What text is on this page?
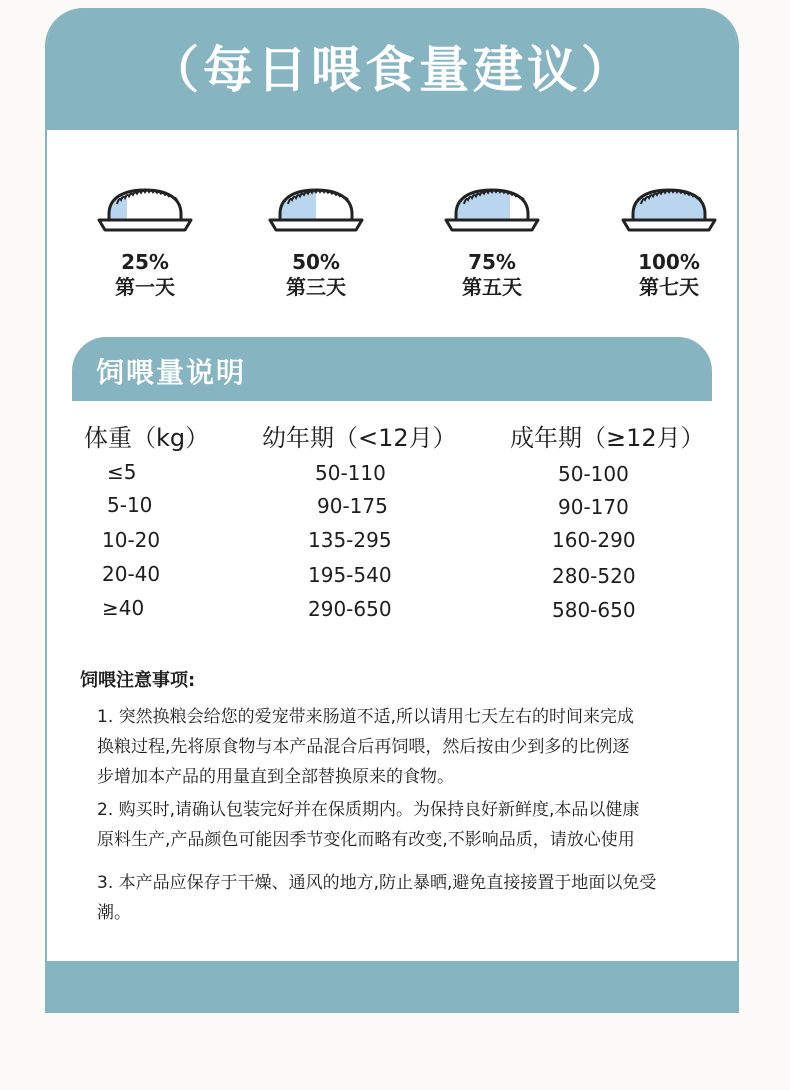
（每日喂食量建议）
25%
第一天
50%
第三天
75%
第五天
100%
第七天
饲喂量说明
体重（kg） 幼年期（<12月） 成年期（≥12月）
≤5	50-110	50-100
5-10	90-175	90-170
10-20	135-295	160-290
20-40	195-540	280-520
≥40	290-650	580-650
饲喂注意事项:
1. 突然换粮会给您的爱宠带来肠道不适,所以请用七天左右的时间来完成
换粮过程,先将原食物与本产品混合后再饲喂，然后按由少到多的比例逐
步增加本产品的用量直到全部替换原来的食物。
2. 购买时,请确认包装完好并在保质期内。为保持良好新鲜度,本品以健康
原料生产,产品颜色可能因季节变化而略有改变,不影响品质，请放心使用
3. 本产品应保存于干燥、通风的地方,防止暴晒,避免直接接置于地面以免受
潮。
